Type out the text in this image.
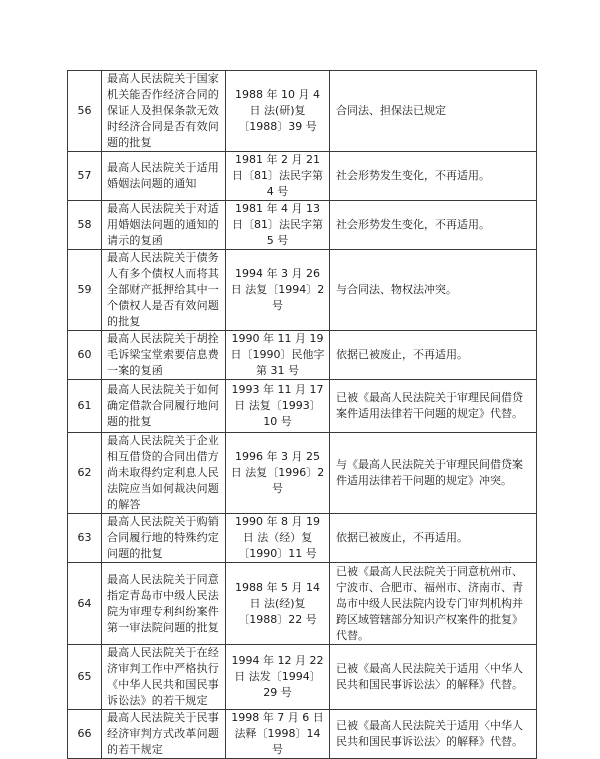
56	最高人民法院关于国家机关能否作经济合同的保证人及担保条款无效时经济合同是否有效问题的批复	1988 年 10 月 4 日 法(研)复〔1988〕39 号	合同法、担保法已规定
57	最高人民法院关于适用婚姻法问题的通知	1981 年 2 月 21 日〔81〕法民字第 4 号	社会形势发生变化，不再适用。
58	最高人民法院关于对适用婚姻法问题的通知的请示的复函	1981 年 4 月 13 日〔81〕法民字第 5 号	社会形势发生变化，不再适用。
59	最高人民法院关于债务人有多个债权人而将其全部财产抵押给其中一个债权人是否有效问题的批复	1994 年 3 月 26 日 法复〔1994〕2 号	与合同法、物权法冲突。
60	最高人民法院关于胡拴毛诉梁宝堂索要信息费一案的复函	1990 年 11 月 19 日〔1990〕民他字第 31 号	依据已被废止，不再适用。
61	最高人民法院关于如何确定借款合同履行地问题的批复	1993 年 11 月 17 日 法复〔1993〕10 号	已被《最高人民法院关于审理民间借贷案件适用法律若干问题的规定》代替。
62	最高人民法院关于企业相互借贷的合同出借方尚未取得约定利息人民法院应当如何裁决问题的解答	1996 年 3 月 25 日 法复〔1996〕2 号	与《最高人民法院关于审理民间借贷案件适用法律若干问题的规定》冲突。
63	最高人民法院关于购销合同履行地的特殊约定问题的批复	1990 年 8 月 19 日 法（经）复〔1990〕11 号	依据已被废止，不再适用。
64	最高人民法院关于同意指定青岛市中级人民法院为审理专利纠纷案件第一审法院问题的批复	1988 年 5 月 14 日 法(经)复〔1988〕22 号	已被《最高人民法院关于同意杭州市、宁波市、合肥市、福州市、济南市、青岛市中级人民法院内设专门审判机构并跨区域管辖部分知识产权案件的批复》代替。
65	最高人民法院关于在经济审判工作中严格执行《中华人民共和国民事诉讼法》的若干规定	1994 年 12 月 22 日 法发〔1994〕29 号	已被《最高人民法院关于适用〈中华人民共和国民事诉讼法〉的解释》代替。
66	最高人民法院关于民事经济审判方式改革问题的若干规定	1998 年 7 月 6 日 法释〔1998〕14 号	已被《最高人民法院关于适用〈中华人民共和国民事诉讼法〉的解释》代替。
